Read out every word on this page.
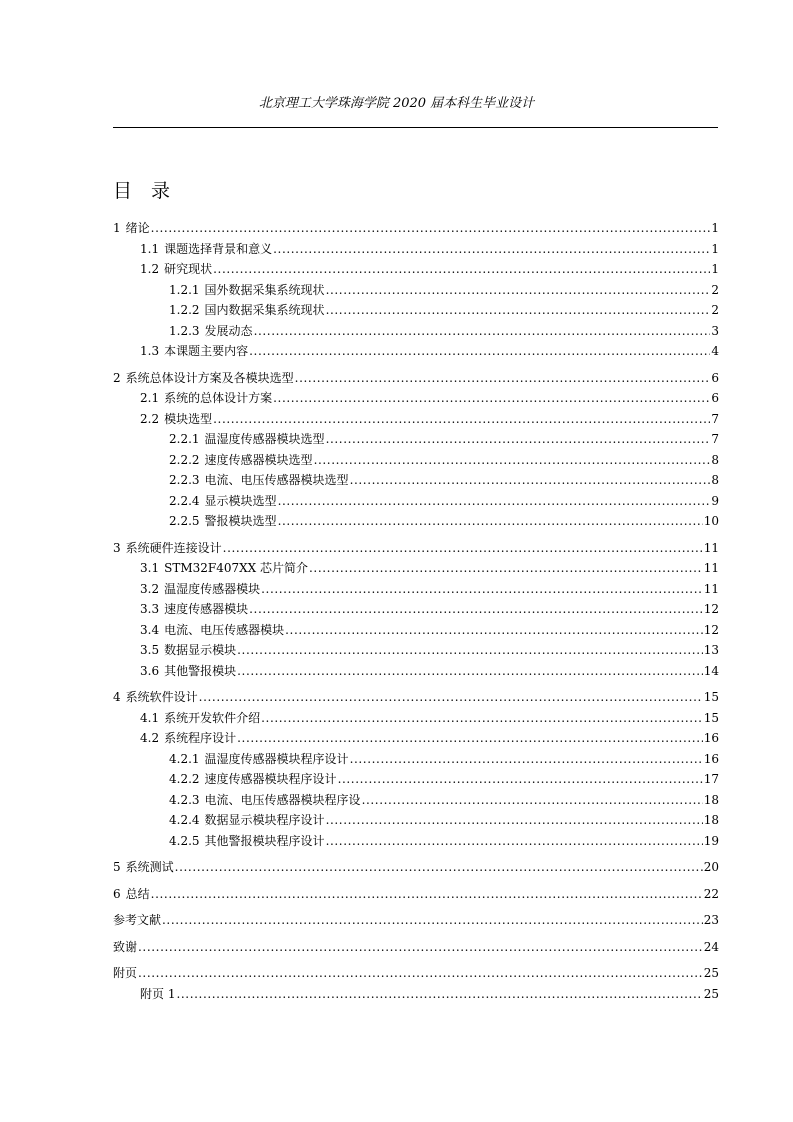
北京理工大学珠海学院 2020 届本科生毕业设计
目录
1 绪论 .....	1
1.1 课题选择背景和意义 .....	1
1.2 研究现状 .....	1
1.2.1 国外数据采集系统现状 .....	2
1.2.2 国内数据采集系统现状 .....	2
1.2.3 发展动态 .....	3
1.3 本课题主要内容 .....	4
2 系统总体设计方案及各模块选型 .....	6
2.1 系统的总体设计方案 .....	6
2.2 模块选型 .....	7
2.2.1 温湿度传感器模块选型 .....	7
2.2.2 速度传感器模块选型 .....	8
2.2.3 电流、电压传感器模块选型 .....	8
2.2.4 显示模块选型 .....	9
2.2.5 警报模块选型 .....	10
3 系统硬件连接设计 .....	11
3.1 STM32F407XX 芯片简介 .....	11
3.2 温湿度传感器模块 .....	11
3.3 速度传感器模块 .....	12
3.4 电流、电压传感器模块 .....	12
3.5 数据显示模块 .....	13
3.6 其他警报模块 .....	14
4 系统软件设计 .....	15
4.1 系统开发软件介绍 .....	15
4.2 系统程序设计 .....	16
4.2.1 温湿度传感器模块程序设计 .....	16
4.2.2 速度传感器模块程序设计 .....	17
4.2.3 电流、电压传感器模块程序设 .....	18
4.2.4 数据显示模块程序设计 .....	18
4.2.5 其他警报模块程序设计 .....	19
5 系统测试 .....	20
6 总结 .....	22
参考文献 .....	23
致谢 .....	24
附页 .....	25
附页 1 .....	25
